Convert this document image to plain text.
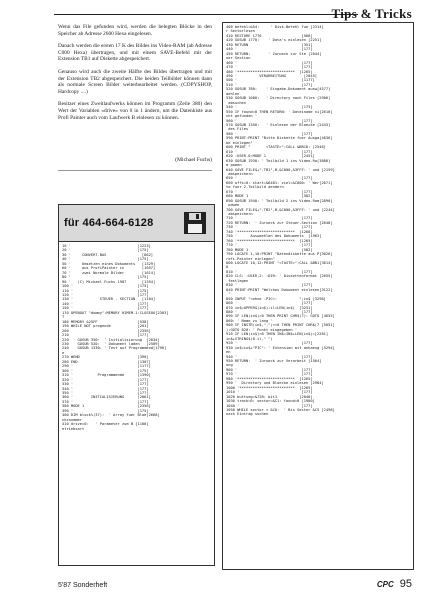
Tips & Tricks

Wenn das File gefunden wird, werden die belegten Blöcke in den Speicher ab Adresse 2600 Hexa eingelesen.

Danach werden die ersten 17 K des Bildes ins Video-RAM (ab Adresse C000 Hexa) übertragen, und mit einem SAVE-Befehl mit der Extension TB1 auf Diskette abgespeichert.

Genauso wird auch die zweite Hälfte des Bildes übertragen und mit der Extension TB2 abgespeichert. Die beiden Teilbilder können dann als normale Screen Bilder weiterbearbeitet werden. (COPYSHOP, Hardcopy ....)

Besitzer eines Zweitlaufwerks können im Programm (Zeile 380) den Wert der Variablen »drive« von 0 in 1 ändern, um die Datenkiste aus Profi Painter auch vom Laufwerk B einlesen zu können.

(Michael Fuchs)
für 464-664-6128
10 '                              [1223]
20 '                              [175]
30 '     CONVERT.BAS                [862]
40 '                              [175]
50 '     Umsetzen eines Dokuments   [1329]
60 '     aus ProfiPainter in        [1657]
70 '     zwei Normale Bilder        [1614]
80 '                              [175]
90 '   (C) Michael Fuchs 1987       [1354]
100 '                             [175]
110 '                             [175]
120 '                             [177]
130 '            STEUER - SECTION   [1104]
140 '                             [177]
150 '                             [177]
170 OPENOUT "dummy":MEMORY HIMEM-1:CLOSEOU[2303]
T
180 MEMORY &25FF                  [538]
190 WHILE NOT progende            [201]
200                               [2356]
210                               [177]
220    GOSUB 350:  ' Initialisierung  [2034]
230    GOSUB 520:  ' Dokument laden   [2509]
240    GOSUB 1330: ' Test auf Programmend[1790]
e
270 WEND                          [390]
280 END                           [1307]
290 '                             [1177]
300 '                             [175]
310 '           Programmende      [1390]
320 '                             [177]
330 '                             [177]
340 '                             [177]
350 '                             [177]
360 '        INITIALISIERUNG      [2061]
370 '                             [177]
380 MODE 1                        [2356]
390 '                             [175]
400 DIM block%(37):  ' Array fuer Bloe[2668]
ckcnummer
410 drive=0:   ' Parameter zum B [1108]
etriebsart
400 befehl=&54:     ' Disk-Befehl fue [2314]
r Sectorlesen
410 RESTORE 1770                  [568]
420 GOSUB 1770:    ' Data's einlesen [2251]
430 RETURN                        [351]
440 '                             [177]
450 RETURN:        ' Zurueck zur Ste [2044]
uer Section
460 '                             [177]
470 '                             [177]
480 '**************************  [1265]
490 '          VERARBEITUNG        [2045]
500 '                             [1177]
510 '                             [177]
520 GOSUB 780:    ' Eingabe-Dokument ausw[4577]
aehlen
530 GOSUB 1080:   ' Directory nach Files [2906]
absuchen
540 '                             [175]
550 IF found=0 THEN RETURN: ' Dateiname ni[2616]
cht gefunden '
560 '                             [177]
570 GOSUB 1350:   ' Einlesen der Bloecke [2443]
des Files
580 '                             [177]
590 PRINT:PRINT "Bitte Diskette fuer Ausga[4636]
be einlegen"
600 PRINT "       <TASTE>":CALL &BB18: [2546]
610 '                             [177]
620 :USER.0:MODE 1                [2451]
630 GOSUB 1930: ' Teilbild 1 ins Video-Ra[3880]
m powen
640 SAVE FILE$+".TB1",B,&C000,&3FFF: ' und [2159]
abspeichern
650 '                             [177]
660 offs=0: start=&6481: ziel=&C000: ' Wer[2671]
te fuer 2.Teilbild aendern
670 '                             [177]
680 MODE 1                        [582]
690 GOSUB 1940: ' Teilbild 2 ins Video-Ram[2890]
powen
700 SAVE FILE$+".TB2",B,&C000,&3FFF: ' und [2244]
abspeichern
710 '                             [177]
720 RETURN:  ' Zurueck zur Steuer-Section [2648]
730 '                             [177]
740 '**************************  [1268]
750 '      Auswaehlen des Dokuments  [1963]
760 '**************************  [1265]
770 '                             [177]
780 MODE 1                        [582]
790 LOCATE 1,10:PRINT "Datendiskette aus P[3026]
rofi-Painter einlegen"
800 LOCATE 10,12:PRINT "<TASTE>":CALL &BB1[3614]
8
810 '                             [177]
820 CLS: :USER,2: :DIR: ' Diskettenformat [2655]
festlegen
830 '                             [177]
840 PRINT:PRINT "Welches Dokument einlesen[3122]
"
850 INPUT "<ohne .PIC>:          ";in$ [3298]
860 '                             [177]
870 in$=UPPER$(in$):il=LEN(in$)  [3251]
880 '                             [177]
890 IF LEN(in$)=0 THEN PRINT CHR$(7): GOTO [4655]
860: ' Name zu lang '
900 IF INSTR(in$,".")<>0 THEN PRINT CHR$(7 [5051]
):GOTO 820: ' Punkt eingegeben '
910 IF LEN(in$)<8 THEN IN$=IN$+LEN(in$)=[2281]
in$+STRING$(8-il," ")
920 '                             [177]
930 in$=in$+"PIC": ' Extension mit anhaeng [5294]
en
940 '                             [177]
950 RETURN:  ' Zurueck zur Verarbeit [1564]
ung
960 '                             [177]
970 '                             [177]
980 '**************************  [1265]
990 '  Directory und Bloecke einlesen [2984]
1000 '*************************  [1265]
1010 '                            [177]
1020 buttseg=&72B: bit1          [2040]
1030 track=0: sector=&C1: found=0 [1900]
1040 '                            [177]
1050 WHILE sector < &C6:  ' Bis Sector &C5 [2498]
nach Eintrag suchen
5'87 Sonderheft	CPC 95
